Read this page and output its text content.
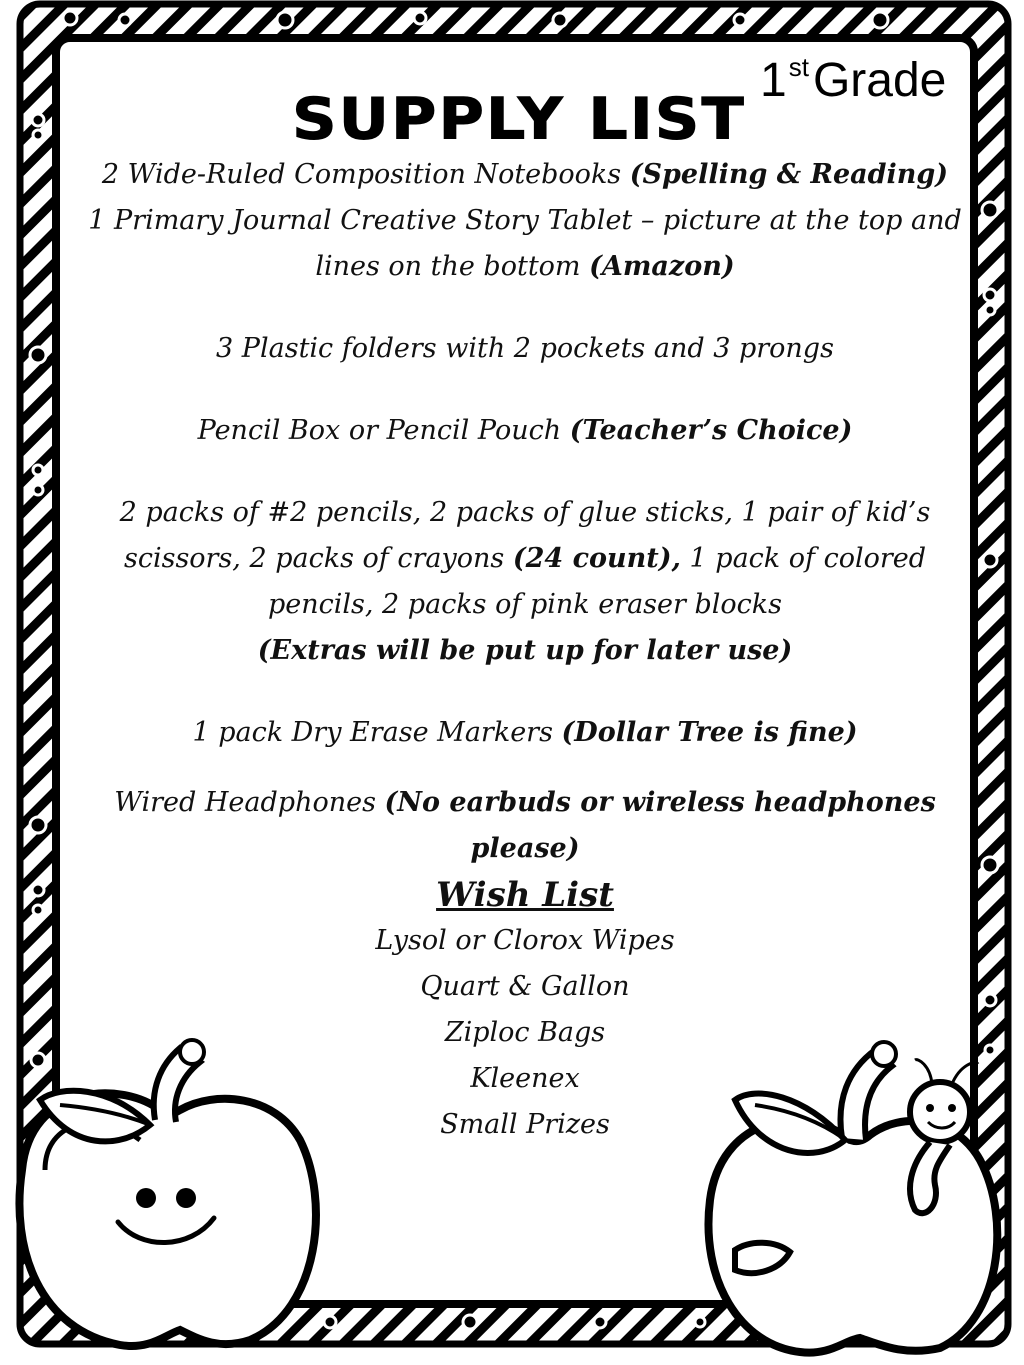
1stGrade
SUPPLY LIST

2 Wide-Ruled Composition Notebooks (Spelling & Reading)

1 Primary Journal Creative Story Tablet – picture at the top and lines on the bottom (Amazon)

3 Plastic folders with 2 pockets and 3 prongs

Pencil Box or Pencil Pouch (Teacher’s Choice)

2 packs of #2 pencils, 2 packs of glue sticks, 1 pair of kid’s scissors, 2 packs of crayons (24 count), 1 pack of colored pencils, 2 packs of pink eraser blocks

(Extras will be put up for later use)

1 pack Dry Erase Markers (Dollar Tree is fine)

Wired Headphones (No earbuds or wireless headphones please)

Wish List

Lysol or Clorox Wipes

Quart & Gallon

Ziploc Bags

Kleenex

Small Prizes
